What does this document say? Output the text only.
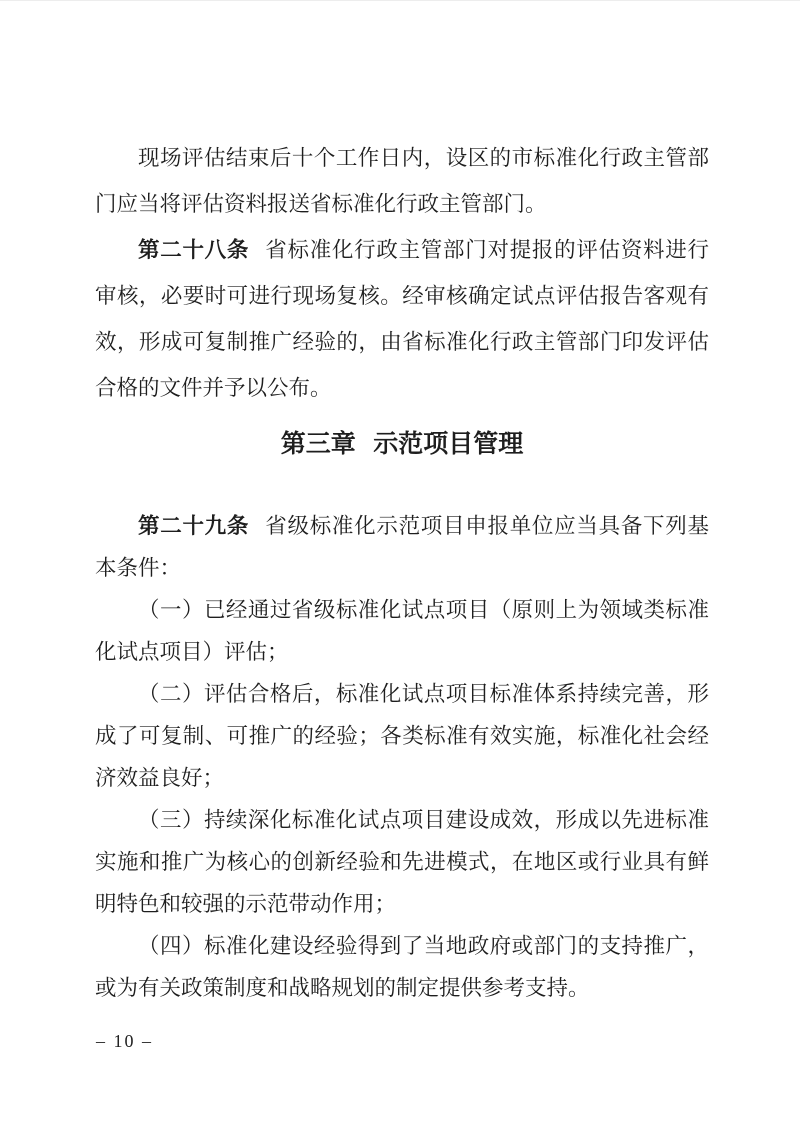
现场评估结束后十个工作日内，设区的市标准化行政主管部门应当将评估资料报送省标准化行政主管部门。

第二十八条 省标准化行政主管部门对提报的评估资料进行审核，必要时可进行现场复核。经审核确定试点评估报告客观有效，形成可复制推广经验的，由省标准化行政主管部门印发评估合格的文件并予以公布。

第三章 示范项目管理

第二十九条 省级标准化示范项目申报单位应当具备下列基本条件：

（一）已经通过省级标准化试点项目（原则上为领域类标准化试点项目）评估；

（二）评估合格后，标准化试点项目标准体系持续完善，形成了可复制、可推广的经验；各类标准有效实施，标准化社会经济效益良好；

（三）持续深化标准化试点项目建设成效，形成以先进标准实施和推广为核心的创新经验和先进模式，在地区或行业具有鲜明特色和较强的示范带动作用；

（四）标准化建设经验得到了当地政府或部门的支持推广，或为有关政策制度和战略规划的制定提供参考支持。

– 10 –
